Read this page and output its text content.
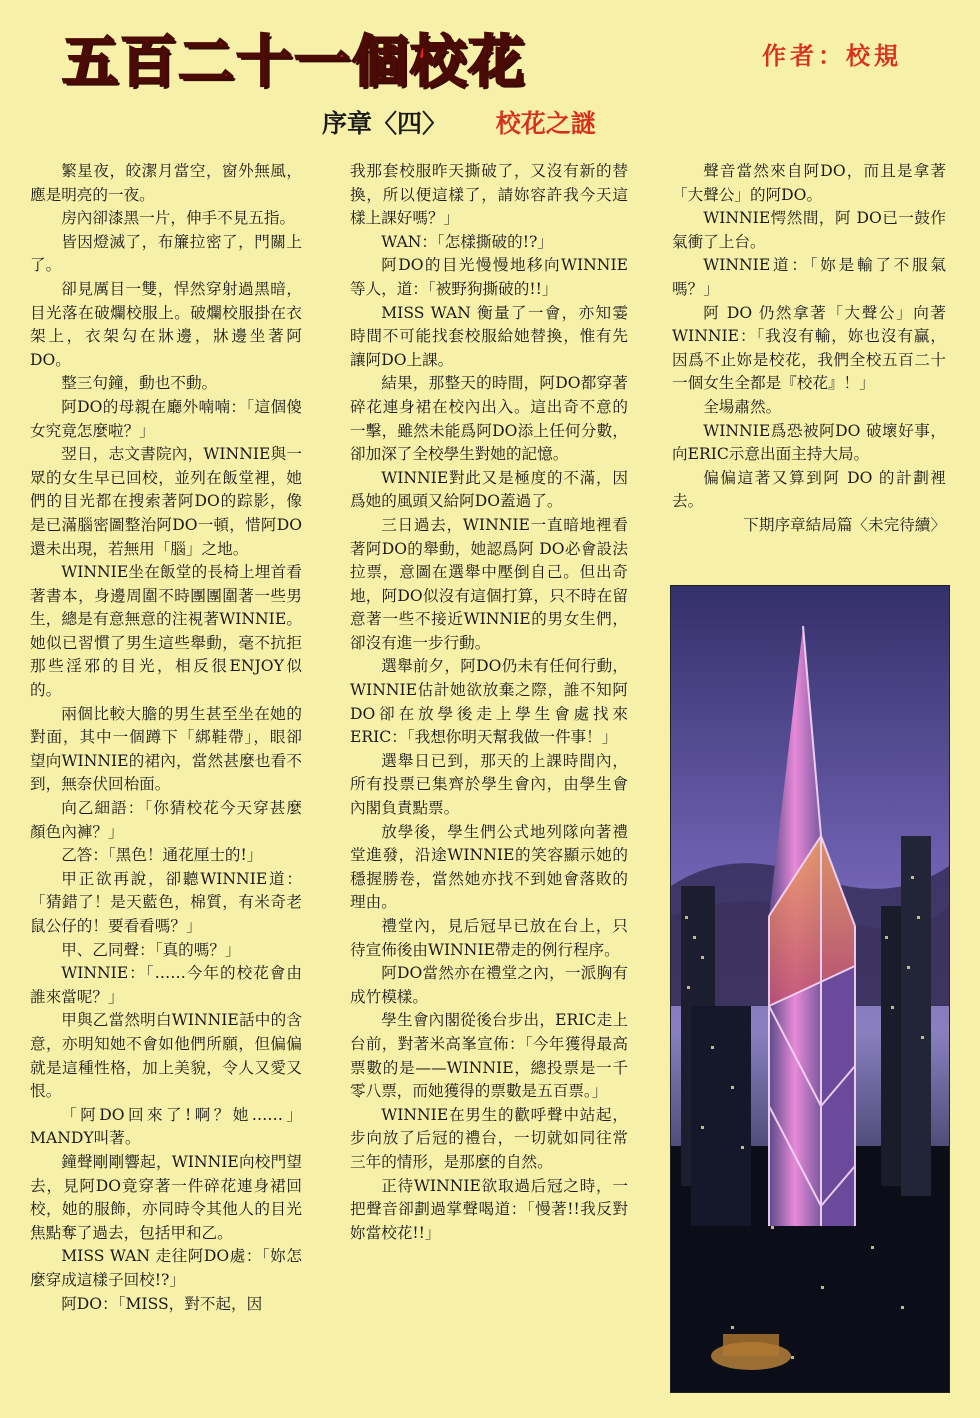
五百二十一個校花	作者：校規
序章〈四〉 校花之謎

繁星夜，皎潔月當空，窗外無風，應是明亮的一夜。

房內卻漆黑一片，伸手不見五指。

皆因燈滅了，布簾拉密了，門關上了。

卻見厲目一雙，悍然穿射過黑暗，目光落在破爛校服上。破爛校服掛在衣架上，衣架勾在牀邊，牀邊坐著阿DO。

整三句鐘，動也不動。

阿DO的母親在廳外喃喃：「這個傻女究竟怎麼啦？」

翌日，志文書院內，WINNIE與一眾的女生早已回校，並列在飯堂裡，她們的目光都在搜索著阿DO的踪影，像是已滿腦密圖整治阿DO一頓，惜阿DO還未出現，若無用「腦」之地。

WINNIE坐在飯堂的長椅上埋首看著書本，身邊周圍不時團團圍著一些男生，總是有意無意的注視著WINNIE。她似已習慣了男生這些舉動，毫不抗拒那些淫邪的目光，相反很ENJOY似的。

兩個比較大膽的男生甚至坐在她的對面，其中一個蹲下「綁鞋帶」，眼卻望向WINNIE的裙內，當然甚麼也看不到，無奈伏回枱面。

向乙細語：「你猜校花今天穿甚麼顏色內褲？」

乙答：「黑色！通花厘士的!」

甲正欲再說，卻聽WINNIE道：「猜錯了！是天藍色，棉質，有米奇老鼠公仔的！要看看嗎？」

甲、乙同聲：「真的嗎？」

WINNIE：「……今年的校花會由誰來當呢？」

甲與乙當然明白WINNIE話中的含意，亦明知她不會如他們所願，但偏偏就是這種性格，加上美貌，令人又愛又恨。

「阿DO回來了!啊？她……」MANDY叫著。

鐘聲剛剛響起，WINNIE向校門望去，見阿DO竟穿著一件碎花連身裙回校，她的服飾，亦同時令其他人的目光焦點奪了過去，包括甲和乙。

MISS WAN 走往阿DO處：「妳怎麼穿成這樣子回校!?」

阿DO：「MISS，對不起，因

我那套校服昨天撕破了，又沒有新的替換，所以便這樣了，請妳容許我今天這樣上課好嗎？」

WAN：「怎樣撕破的!?」

阿DO的目光慢慢地移向WINNIE等人，道：「被野狗撕破的!!」

MISS WAN 衡量了一會，亦知霎時間不可能找套校服給她替換，惟有先讓阿DO上課。

結果，那整天的時間，阿DO都穿著碎花連身裙在校內出入。這出奇不意的一擊，雖然未能爲阿DO添上任何分數，卻加深了全校學生對她的記憶。

WINNIE對此又是極度的不滿，因爲她的風頭又給阿DO蓋過了。

三日過去，WINNIE一直暗地裡看著阿DO的舉動，她認爲阿 DO必會設法拉票，意圖在選舉中壓倒自己。但出奇地，阿DO似沒有這個打算，只不時在留意著一些不接近WINNIE的男女生們，卻沒有進一步行動。

選舉前夕，阿DO仍未有任何行動，WINNIE估計她欲放棄之際，誰不知阿DO卻在放學後走上學生會處找來ERIC：「我想你明天幫我做一件事！」

選舉日已到，那天的上課時間內，所有投票已集齊於學生會內，由學生會內閣負責點票。

放學後，學生們公式地列隊向著禮堂進發，沿途WINNIE的笑容顯示她的穩握勝卷，當然她亦找不到她會落敗的理由。

禮堂內，見后冠早已放在台上，只待宣佈後由WINNIE帶走的例行程序。

阿DO當然亦在禮堂之內，一派胸有成竹模樣。

學生會內閣從後台步出，ERIC走上台前，對著米高峯宣佈：「今年獲得最高票數的是——WINNIE，總投票是一千零八票，而她獲得的票數是五百票。」

WINNIE在男生的歡呼聲中站起，步向放了后冠的禮台，一切就如同往常三年的情形，是那麼的自然。

正待WINNIE欲取過后冠之時，一把聲音卻劃過掌聲喝道：「慢著!!我反對妳當校花!!」

聲音當然來自阿DO，而且是拿著「大聲公」的阿DO。

WINNIE愕然間，阿 DO已一鼓作氣衝了上台。

WINNIE道：「妳是輸了不服氣嗎？」

阿 DO 仍然拿著「大聲公」向著WINNIE：「我沒有輸，妳也沒有贏，因爲不止妳是校花，我們全校五百二十一個女生全都是『校花』！」

全場肅然。

WINNIE爲恐被阿DO 破壞好事，向ERIC示意出面主持大局。

偏偏這著又算到阿 DO 的計劃裡去。

下期序章結局篇〈未完待續〉
